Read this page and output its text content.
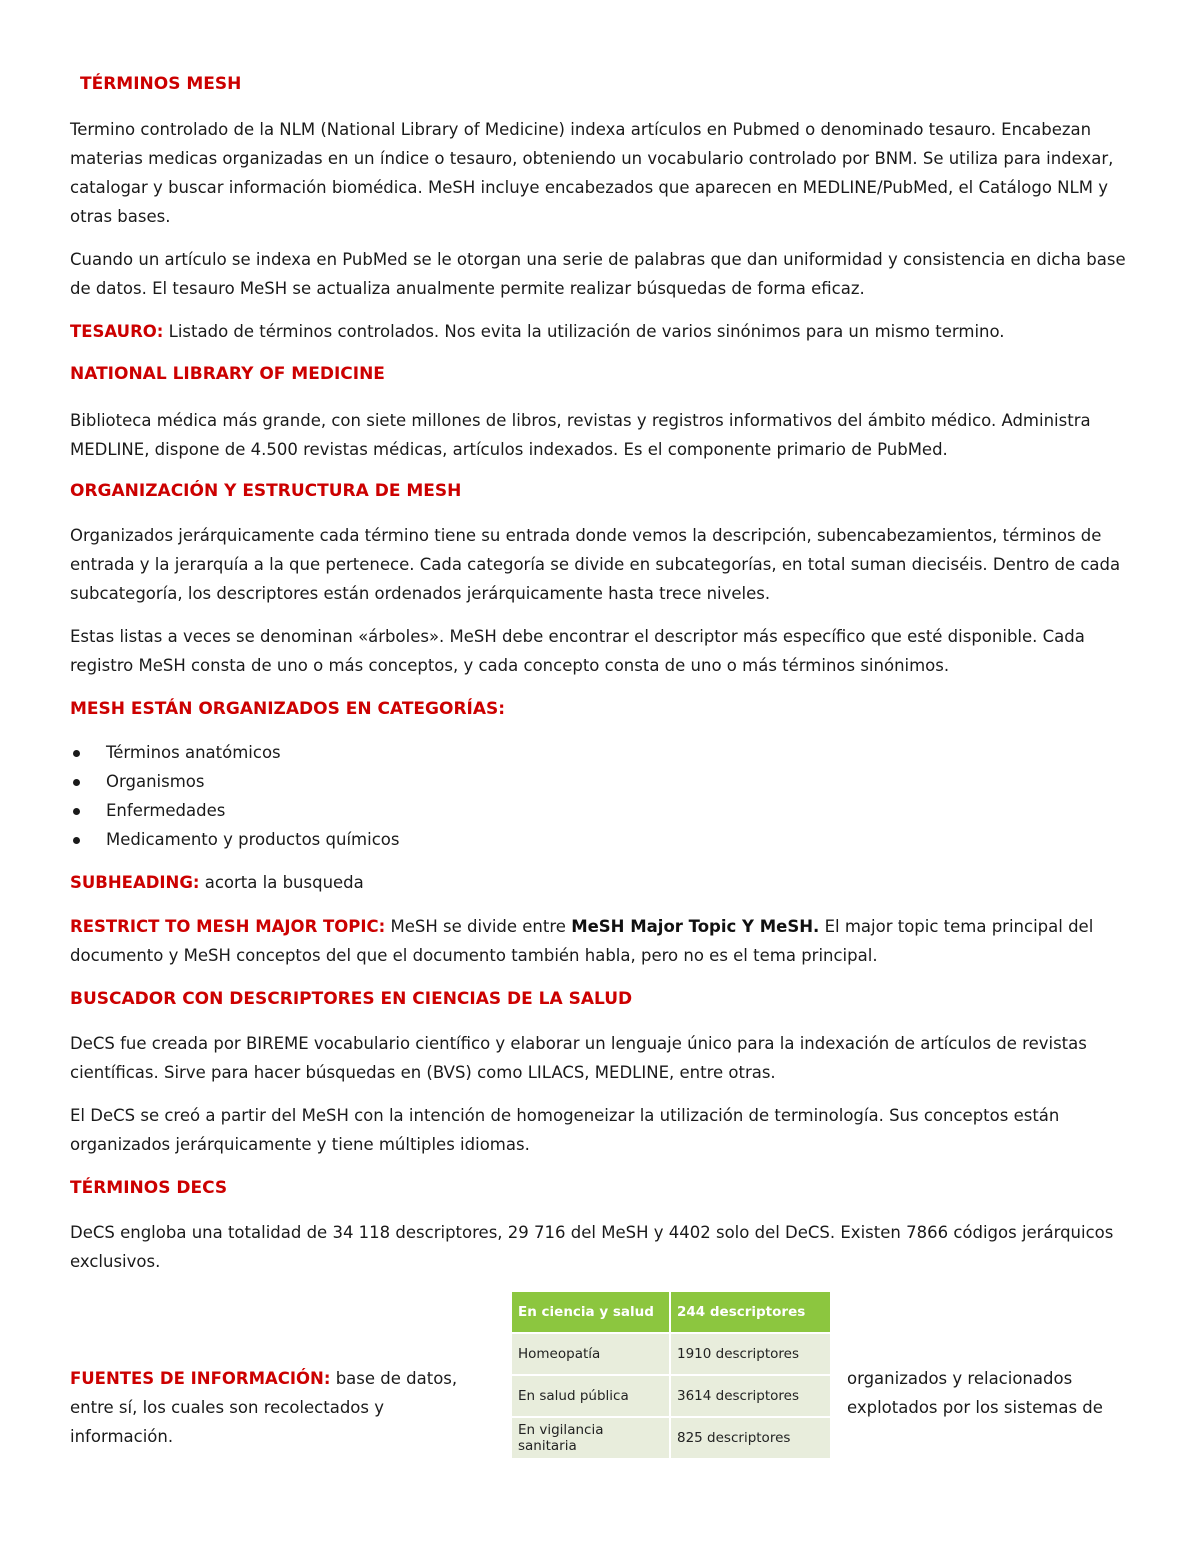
TÉRMINOS MESH

Termino controlado de la NLM (National Library of Medicine) indexa artículos en Pubmed o denominado tesauro. Encabezan materias medicas organizadas en un índice o tesauro, obteniendo un vocabulario controlado por BNM. Se utiliza para indexar, catalogar y buscar información biomédica. MeSH incluye encabezados que aparecen en MEDLINE/PubMed, el Catálogo NLM y otras bases.

Cuando un artículo se indexa en PubMed se le otorgan una serie de palabras que dan uniformidad y consistencia en dicha base de datos. El tesauro MeSH se actualiza anualmente permite realizar búsquedas de forma eficaz.

TESAURO: Listado de términos controlados. Nos evita la utilización de varios sinónimos para un mismo termino.

NATIONAL LIBRARY OF MEDICINE

Biblioteca médica más grande, con siete millones de libros, revistas y registros informativos del ámbito médico. Administra MEDLINE, dispone de 4.500 revistas médicas, artículos indexados. Es el componente primario de PubMed.

ORGANIZACIÓN Y ESTRUCTURA DE MESH

Organizados jerárquicamente cada término tiene su entrada donde vemos la descripción, subencabezamientos, términos de entrada y la jerarquía a la que pertenece. Cada categoría se divide en subcategorías, en total suman dieciséis. Dentro de cada subcategoría, los descriptores están ordenados jerárquicamente hasta trece niveles.

Estas listas a veces se denominan «árboles». MeSH debe encontrar el descriptor más específico que esté disponible. Cada registro MeSH consta de uno o más conceptos, y cada concepto consta de uno o más términos sinónimos.

MESH ESTÁN ORGANIZADOS EN CATEGORÍAS:

Términos anatómicos
Organismos
Enfermedades
Medicamento y productos químicos

SUBHEADING: acorta la busqueda

RESTRICT TO MESH MAJOR TOPIC: MeSH se divide entre MeSH Major Topic Y MeSH. El major topic tema principal del documento y MeSH conceptos del que el documento también habla, pero no es el tema principal.

BUSCADOR CON DESCRIPTORES EN CIENCIAS DE LA SALUD

DeCS fue creada por BIREME vocabulario científico y elaborar un lenguaje único para la indexación de artículos de revistas científicas. Sirve para hacer búsquedas en (BVS) como LILACS, MEDLINE, entre otras.

El DeCS se creó a partir del MeSH con la intención de homogeneizar la utilización de terminología. Sus conceptos están organizados jerárquicamente y tiene múltiples idiomas.

TÉRMINOS DECS

DeCS engloba una totalidad de 34 118 descriptores, 29 716 del MeSH y 4402 solo del DeCS. Existen 7866 códigos jerárquicos exclusivos.

En ciencia y salud	244 descriptores
Homeopatía	1910 descriptores
En salud pública	3614 descriptores
En vigilancia sanitaria	825 descriptores

FUENTES DE INFORMACIÓN: base de datos,

entre sí, los cuales son recolectados y

información.

organizados y relacionados

explotados por los sistemas de
